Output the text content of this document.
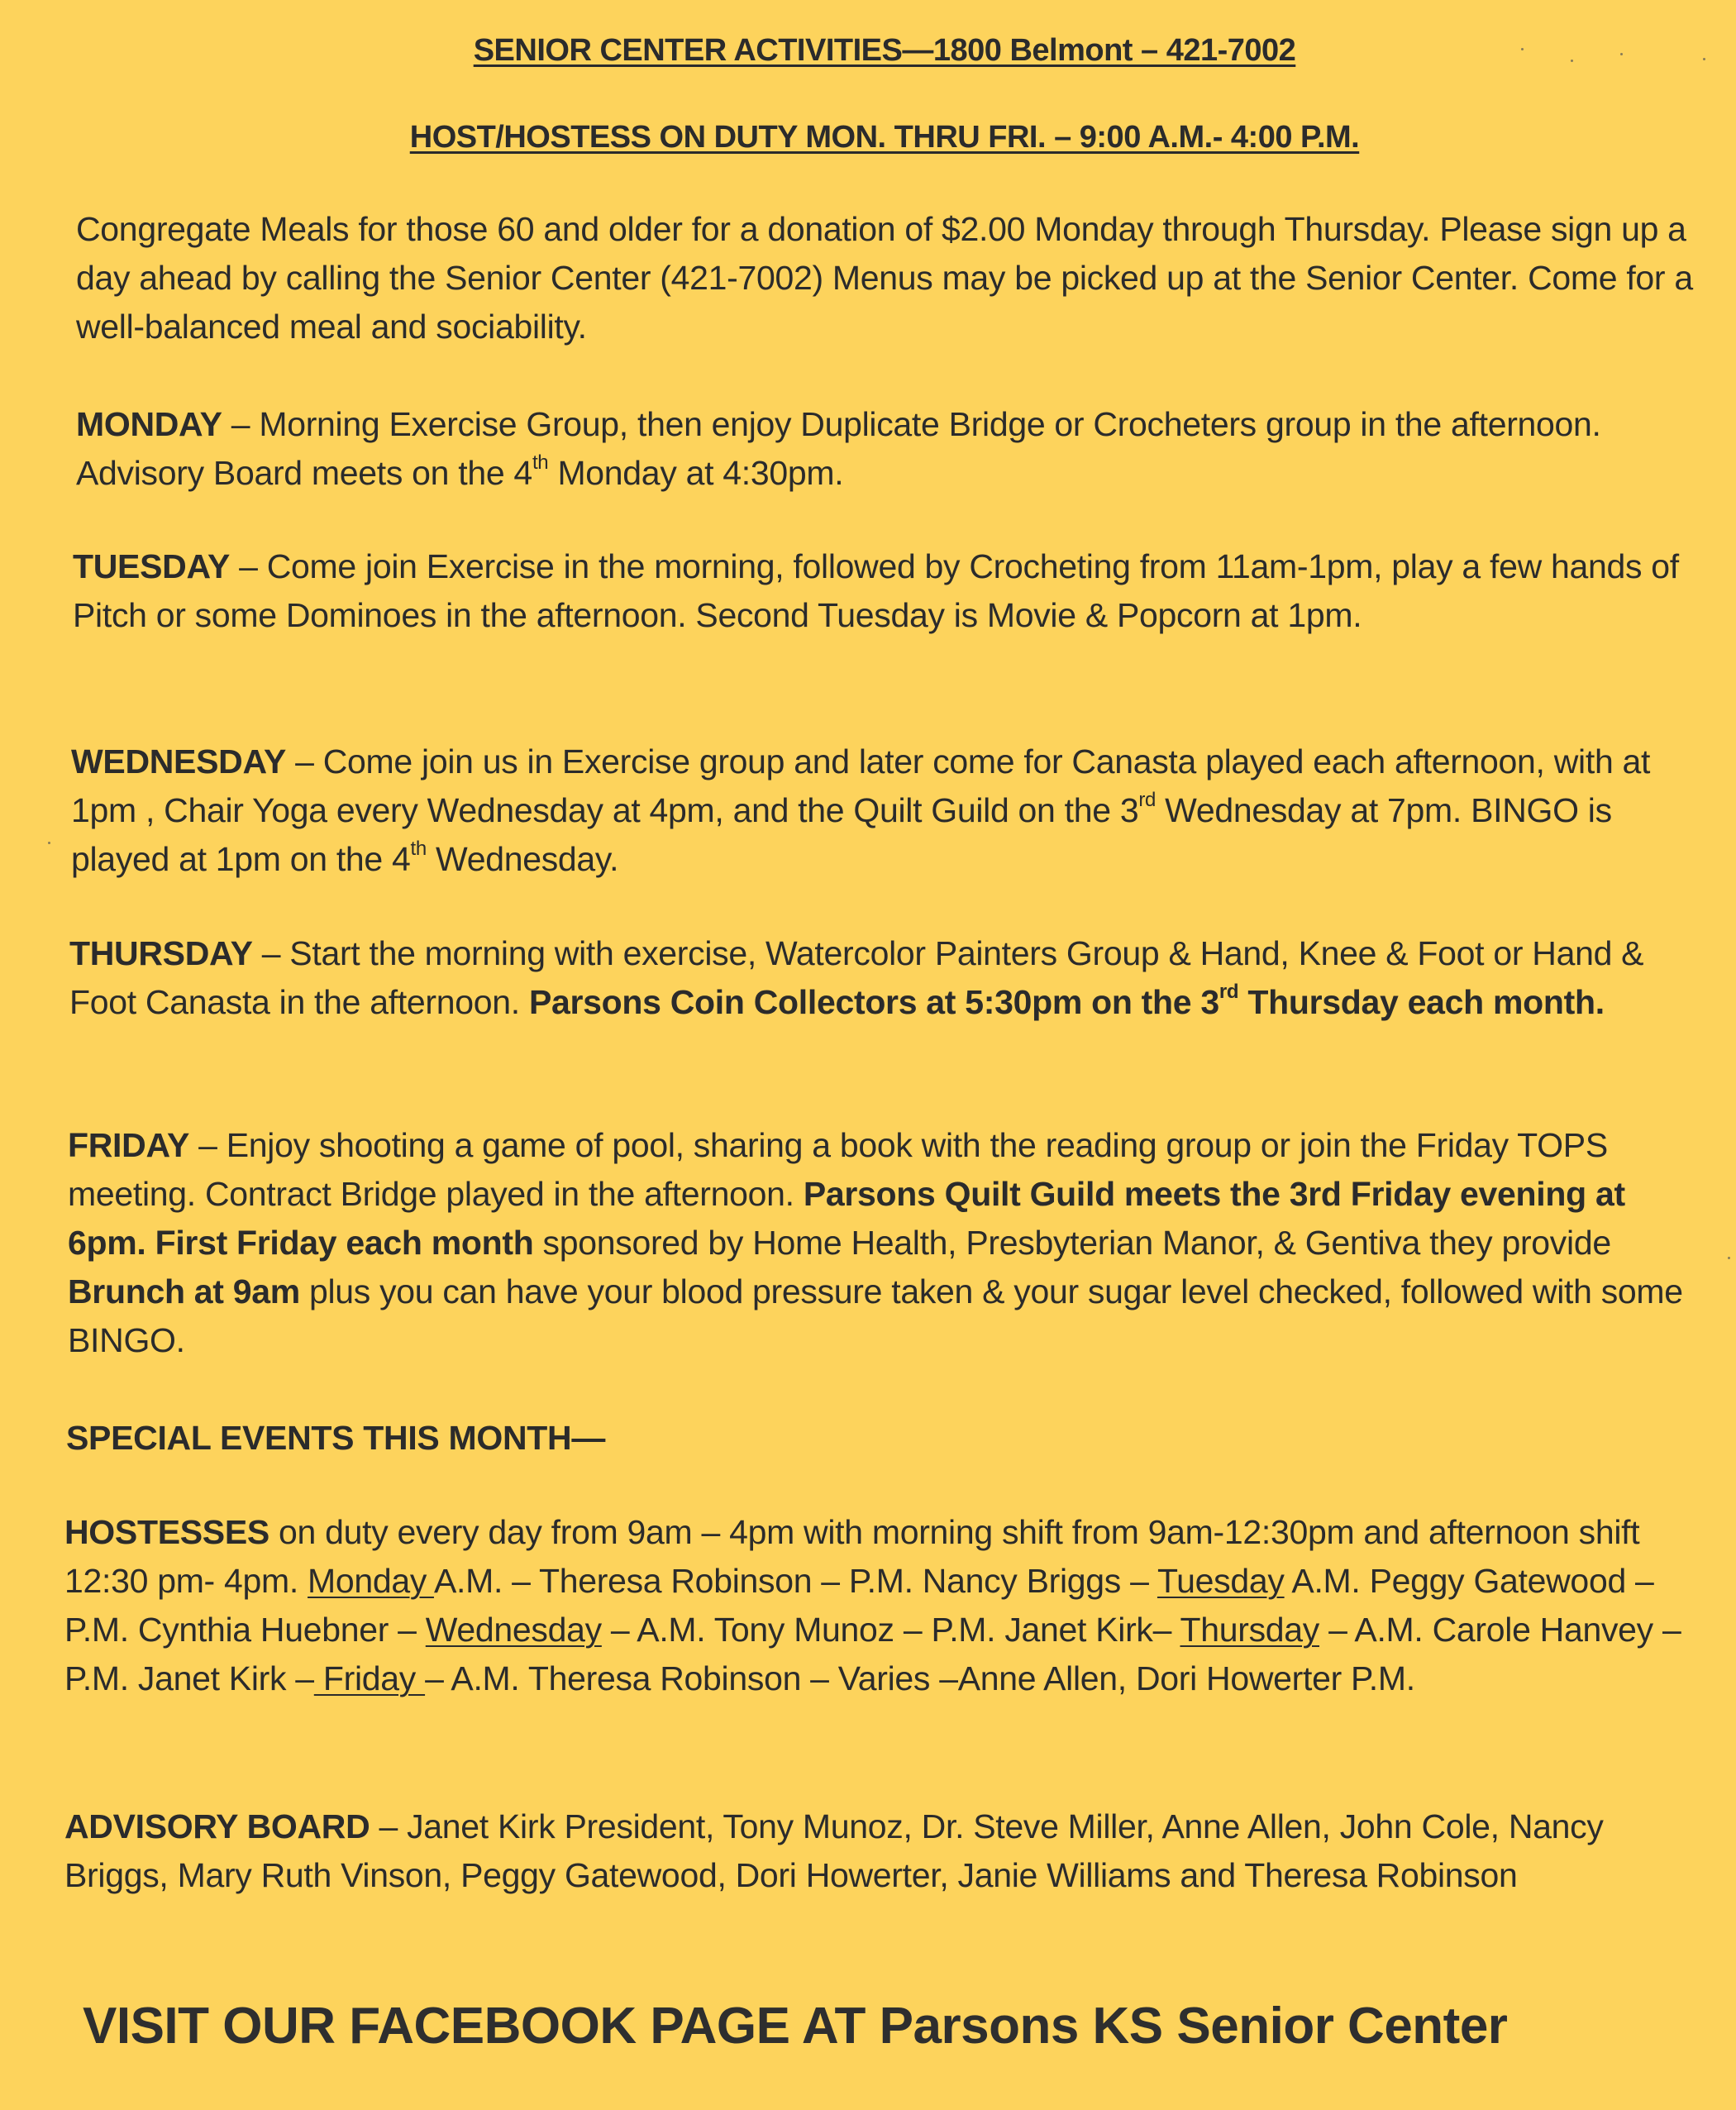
SENIOR CENTER ACTIVITIES—1800 Belmont – 421-7002
HOST/HOSTESS ON DUTY MON. THRU FRI. – 9:00 A.M.- 4:00 P.M.
Congregate Meals for those 60 and older for a donation of $2.00 Monday through Thursday. Please sign up a day ahead by calling the Senior Center (421-7002) Menus may be picked up at the Senior Center. Come for a well-balanced meal and sociability.
MONDAY – Morning Exercise Group, then enjoy Duplicate Bridge or Crocheters group in the afternoon. Advisory Board meets on the 4th Monday at 4:30pm.
TUESDAY – Come join Exercise in the morning, followed by Crocheting from 11am-1pm, play a few hands of Pitch or some Dominoes in the afternoon. Second Tuesday is Movie & Popcorn at 1pm.
WEDNESDAY – Come join us in Exercise group and later come for Canasta played each afternoon, with at 1pm , Chair Yoga every Wednesday at 4pm, and the Quilt Guild on the 3rd Wednesday at 7pm. BINGO is played at 1pm on the 4th Wednesday.
THURSDAY – Start the morning with exercise, Watercolor Painters Group & Hand, Knee & Foot or Hand & Foot Canasta in the afternoon. Parsons Coin Collectors at 5:30pm on the 3rd Thursday each month.
FRIDAY – Enjoy shooting a game of pool, sharing a book with the reading group or join the Friday TOPS meeting. Contract Bridge played in the afternoon. Parsons Quilt Guild meets the 3rd Friday evening at 6pm. First Friday each month sponsored by Home Health, Presbyterian Manor, & Gentiva they provide Brunch at 9am plus you can have your blood pressure taken & your sugar level checked, followed with some BINGO.
SPECIAL EVENTS THIS MONTH—
HOSTESSES on duty every day from 9am – 4pm with morning shift from 9am-12:30pm and afternoon shift 12:30 pm- 4pm. Monday A.M. – Theresa Robinson – P.M. Nancy Briggs – Tuesday A.M. Peggy Gatewood – P.M. Cynthia Huebner – Wednesday – A.M. Tony Munoz – P.M. Janet Kirk– Thursday – A.M. Carole Hanvey – P.M. Janet Kirk – Friday – A.M. Theresa Robinson – Varies –Anne Allen, Dori Howerter P.M.
ADVISORY BOARD – Janet Kirk President, Tony Munoz, Dr. Steve Miller, Anne Allen, John Cole, Nancy Briggs, Mary Ruth Vinson, Peggy Gatewood, Dori Howerter, Janie Williams and Theresa Robinson
VISIT OUR FACEBOOK PAGE AT Parsons KS Senior Center
